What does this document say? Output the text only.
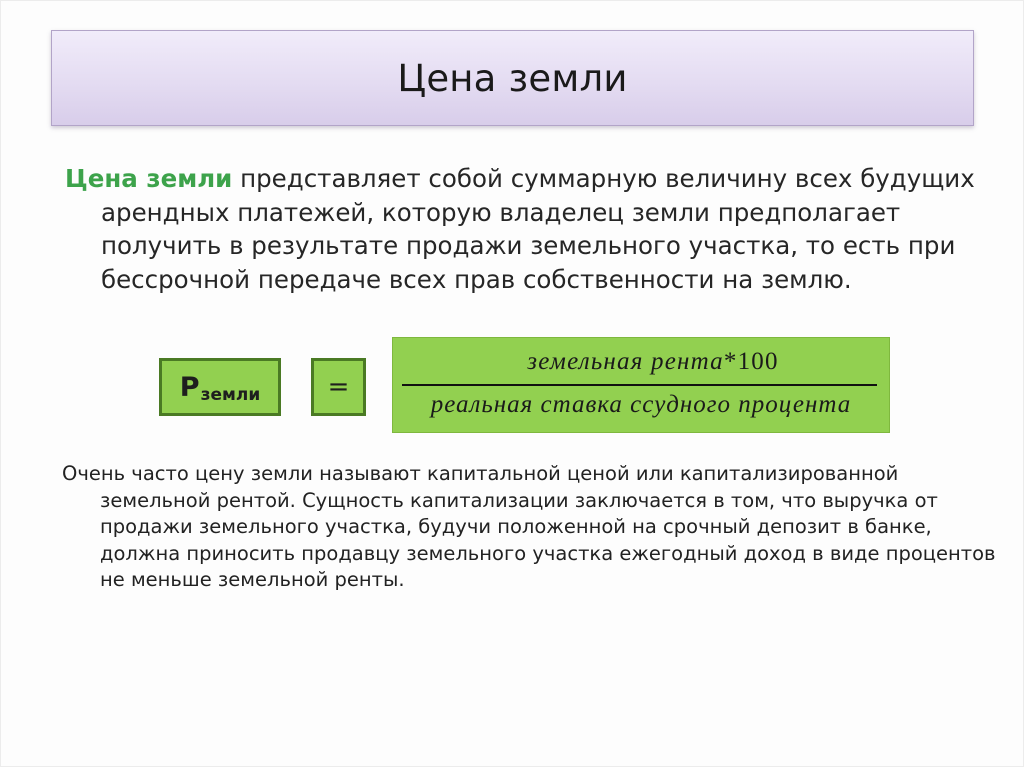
Цена земли
Цена земли представляет собой суммарную величину всех будущих арендных платежей, которую владелец земли предполагает получить в результате продажи земельного участка, то есть при бессрочной передаче всех прав собственности на землю.
P земли	=
земельная рента*100
реальная ставка ссудного процента
Очень часто цену земли называют капитальной ценой или капитализированной земельной рентой. Сущность капитализации заключается в том, что выручка от продажи земельного участка, будучи положенной на срочный депозит в банке, должна приносить продавцу земельного участка ежегодный доход в виде процентов не меньше земельной ренты.
